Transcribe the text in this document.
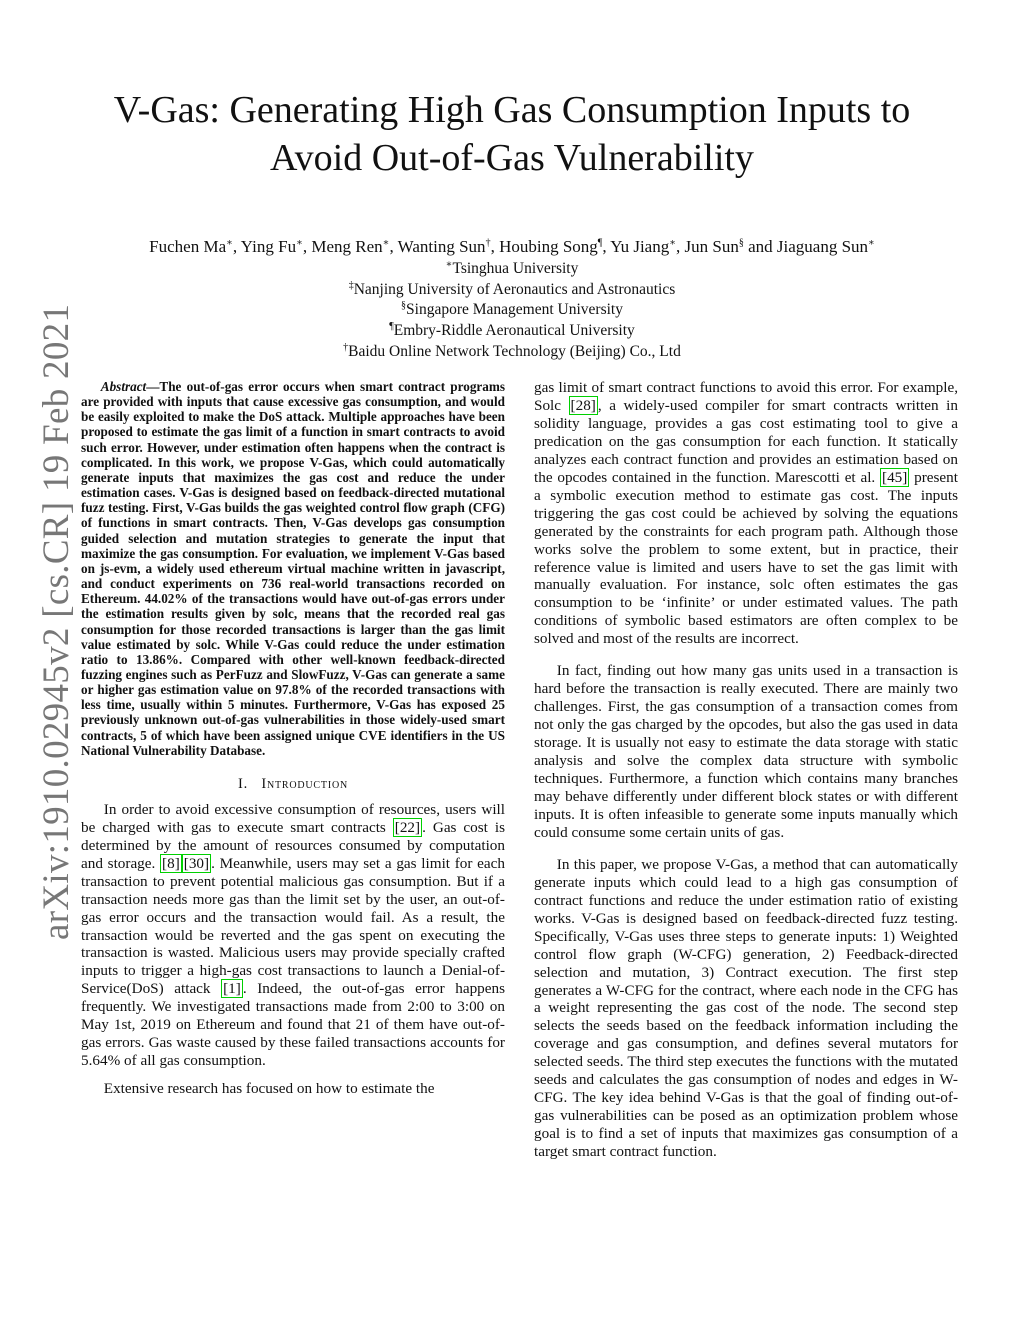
arXiv:1910.02945v2 [cs.CR] 19 Feb 2021
V-Gas: Generating High Gas Consumption Inputs to
Avoid Out-of-Gas Vulnerability
Fuchen Ma∗, Ying Fu∗, Meng Ren∗, Wanting Sun†, Houbing Song¶, Yu Jiang∗, Jun Sun§ and Jiaguang Sun∗
∗Tsinghua University
‡Nanjing University of Aeronautics and Astronautics
§Singapore Management University
¶Embry-Riddle Aeronautical University
†Baidu Online Network Technology (Beijing) Co., Ltd

Abstract—The out-of-gas error occurs when smart contract programs are provided with inputs that cause excessive gas consumption, and would be easily exploited to make the DoS attack. Multiple approaches have been proposed to estimate the gas limit of a function in smart contracts to avoid such error. However, under estimation often happens when the contract is complicated. In this work, we propose V-Gas, which could automatically generate inputs that maximizes the gas cost and reduce the under estimation cases. V-Gas is designed based on feedback-directed mutational fuzz testing. First, V-Gas builds the gas weighted control flow graph (CFG) of functions in smart contracts. Then, V-Gas develops gas consumption guided selection and mutation strategies to generate the input that maximize the gas consumption. For evaluation, we implement V-Gas based on js-evm, a widely used ethereum virtual machine written in javascript, and conduct experiments on 736 real-world transactions recorded on Ethereum. 44.02% of the transactions would have out-of-gas errors under the estimation results given by solc, means that the recorded real gas consumption for those recorded transactions is larger than the gas limit value estimated by solc. While V-Gas could reduce the under estimation ratio to 13.86%. Compared with other well-known feedback-directed fuzzing engines such as PerFuzz and SlowFuzz, V-Gas can generate a same or higher gas estimation value on 97.8% of the recorded transactions with less time, usually within 5 minutes. Furthermore, V-Gas has exposed 25 previously unknown out-of-gas vulnerabilities in those widely-used smart contracts, 5 of which have been assigned unique CVE identifiers in the US National Vulnerability Database.

I. Introduction

In order to avoid excessive consumption of resources, users will be charged with gas to execute smart contracts [22] . Gas cost is determined by the amount of resources consumed by computation and storage. [8] [30] . Meanwhile, users may set a gas limit for each transaction to prevent potential malicious gas consumption. But if a transaction needs more gas than the limit set by the user, an out-of-gas error occurs and the transaction would fail. As a result, the transaction would be reverted and the gas spent on executing the transaction is wasted. Malicious users may provide specially crafted inputs to trigger a high-gas cost transactions to launch a Denial-of-Service(DoS) attack [1] . Indeed, the out-of-gas error happens frequently. We investigated transactions made from 2:00 to 3:00 on May 1st, 2019 on Ethereum and found that 21 of them have out-of-gas errors. Gas waste caused by these failed transactions accounts for 5.64% of all gas consumption.

Extensive research has focused on how to estimate the

gas limit of smart contract functions to avoid this error. For example, Solc [28] , a widely-used compiler for smart contracts written in solidity language, provides a gas cost estimating tool to give a predication on the gas consumption for each function. It statically analyzes each contract function and provides an estimation based on the opcodes contained in the function. Marescotti et al. [45] present a symbolic execution method to estimate gas cost. The inputs triggering the gas cost could be achieved by solving the equations generated by the constraints for each program path. Although those works solve the problem to some extent, but in practice, their reference value is limited and users have to set the gas limit with manually evaluation. For instance, solc often estimates the gas consumption to be ‘infinite’ or under estimated values. The path conditions of symbolic based estimators are often complex to be solved and most of the results are incorrect.

In fact, finding out how many gas units used in a transaction is hard before the transaction is really executed. There are mainly two challenges. First, the gas consumption of a transaction comes from not only the gas charged by the opcodes, but also the gas used in data storage. It is usually not easy to estimate the data storage with static analysis and solve the complex data structure with symbolic techniques. Furthermore, a function which contains many branches may behave differently under different block states or with different inputs. It is often infeasible to generate some inputs manually which could consume some certain units of gas.

In this paper, we propose V-Gas, a method that can automatically generate inputs which could lead to a high gas consumption of contract functions and reduce the under estimation ratio of existing works. V-Gas is designed based on feedback-directed fuzz testing. Specifically, V-Gas uses three steps to generate inputs: 1) Weighted control flow graph (W-CFG) generation, 2) Feedback-directed selection and mutation, 3) Contract execution. The first step generates a W-CFG for the contract, where each node in the CFG has a weight representing the gas cost of the node. The second step selects the seeds based on the feedback information including the coverage and gas consumption, and defines several mutators for selected seeds. The third step executes the functions with the mutated seeds and calculates the gas consumption of nodes and edges in W-CFG. The key idea behind V-Gas is that the goal of finding out-of-gas vulnerabilities can be posed as an optimization problem whose goal is to find a set of inputs that maximizes gas consumption of a target smart contract function.
